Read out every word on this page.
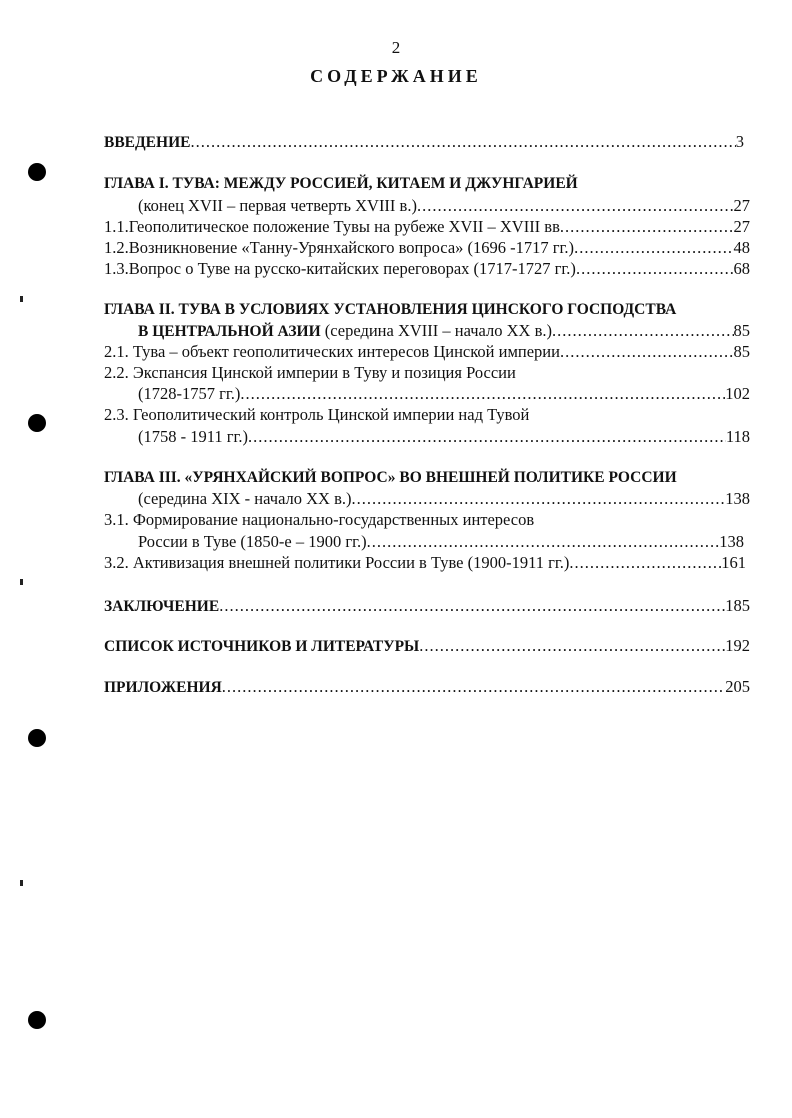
2
СОДЕРЖАНИЕ
ВВЕДЕНИЕ .....	3
ГЛАВА I. ТУВА: МЕЖДУ РОССИЕЙ, КИТАЕМ И ДЖУНГАРИЕЙ
(конец XVII – первая четверть XVIII в.) .....	27
1.1.Геополитическое положение Тувы на рубеже XVII – XVIII вв .....	27
1.2.Возникновение «Танну-Урянхайского вопроса» (1696 -1717 гг.) .....	48
1.3.Вопрос о Туве на русско-китайских переговорах (1717-1727 гг.) .....	68
ГЛАВА II. ТУВА В УСЛОВИЯХ УСТАНОВЛЕНИЯ ЦИНСКОГО ГОСПОДСТВА
В ЦЕНТРАЛЬНОЙ АЗИИ (середина XVIII – начало XX в.) .....	85
2.1. Тува – объект геополитических интересов Цинской империи .....	85
2.2. Экспансия Цинской империи в Туву и позиция России
(1728-1757 гг.) .....	102
2.3. Геополитический контроль Цинской империи над Тувой
(1758 - 1911 гг.) .....	118
ГЛАВА III. «УРЯНХАЙСКИЙ ВОПРОС» ВО ВНЕШНЕЙ ПОЛИТИКЕ РОССИИ
(середина XIX - начало XX в.) .....	138
3.1. Формирование национально-государственных интересов
России в Туве (1850-е – 1900 гг.) .....	138
3.2. Активизация внешней политики России в Туве (1900-1911 гг.) .....	161
ЗАКЛЮЧЕНИЕ .....	185
СПИСОК ИСТОЧНИКОВ И ЛИТЕРАТУРЫ .....	192
ПРИЛОЖЕНИЯ .....	205
